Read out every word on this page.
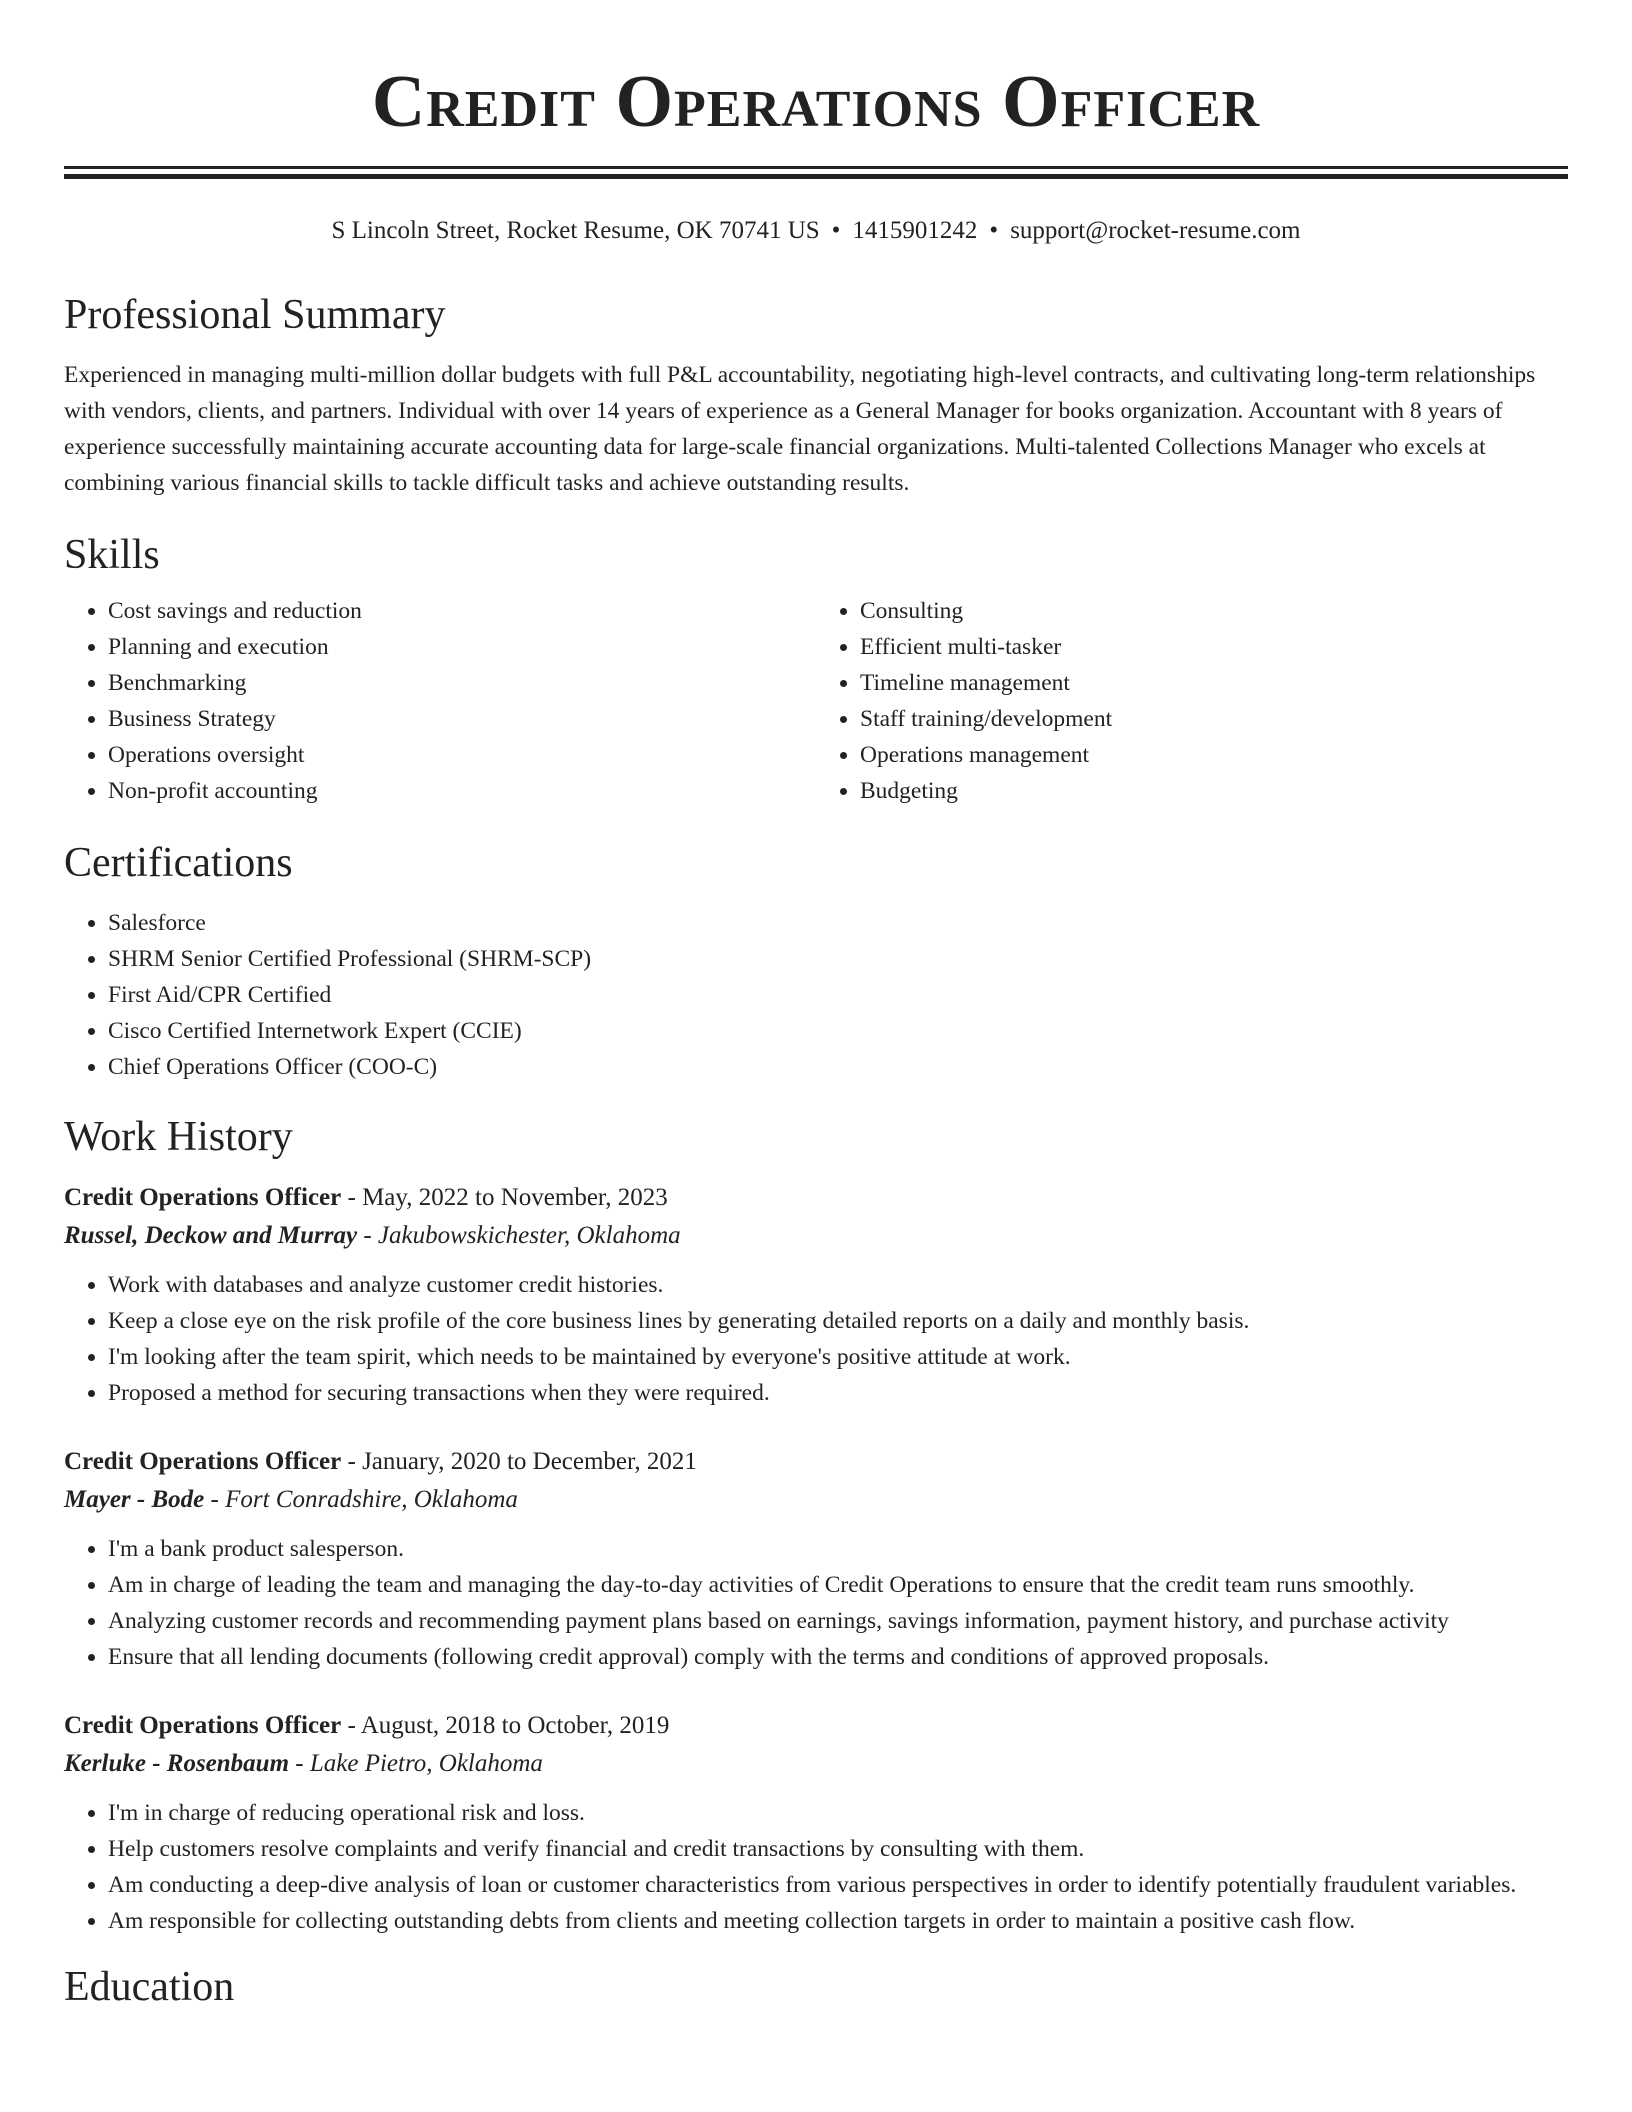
Credit Operations Officer
S Lincoln Street, Rocket Resume, OK 70741 US • 1415901242 • support@rocket-resume.com
Professional Summary

Experienced in managing multi-million dollar budgets with full P&L accountability, negotiating high-level contracts, and cultivating long-term relationships with vendors, clients, and partners. Individual with over 14 years of experience as a General Manager for books organization. Accountant with 8 years of experience successfully maintaining accurate accounting data for large-scale financial organizations. Multi-talented Collections Manager who excels at combining various financial skills to tackle difficult tasks and achieve outstanding results.

Skills
• Cost savings and reduction
• Planning and execution
• Benchmarking
• Business Strategy
• Operations oversight
• Non-profit accounting
• Consulting
• Efficient multi-tasker
• Timeline management
• Staff training/development
• Operations management
• Budgeting
Certifications
• Salesforce
• SHRM Senior Certified Professional (SHRM-SCP)
• First Aid/CPR Certified
• Cisco Certified Internetwork Expert (CCIE)
• Chief Operations Officer (COO-C)
Work History
Credit Operations Officer - May, 2022 to November, 2023
Russel, Deckow and Murray - Jakubowskichester, Oklahoma
• Work with databases and analyze customer credit histories.
• Keep a close eye on the risk profile of the core business lines by generating detailed reports on a daily and monthly basis.
• I'm looking after the team spirit, which needs to be maintained by everyone's positive attitude at work.
• Proposed a method for securing transactions when they were required.
Credit Operations Officer - January, 2020 to December, 2021
Mayer - Bode - Fort Conradshire, Oklahoma
• I'm a bank product salesperson.
• Am in charge of leading the team and managing the day-to-day activities of Credit Operations to ensure that the credit team runs smoothly.
• Analyzing customer records and recommending payment plans based on earnings, savings information, payment history, and purchase activity
• Ensure that all lending documents (following credit approval) comply with the terms and conditions of approved proposals.
Credit Operations Officer - August, 2018 to October, 2019
Kerluke - Rosenbaum - Lake Pietro, Oklahoma
• I'm in charge of reducing operational risk and loss.
• Help customers resolve complaints and verify financial and credit transactions by consulting with them.
• Am conducting a deep-dive analysis of loan or customer characteristics from various perspectives in order to identify potentially fraudulent variables.
• Am responsible for collecting outstanding debts from clients and meeting collection targets in order to maintain a positive cash flow.
Education
